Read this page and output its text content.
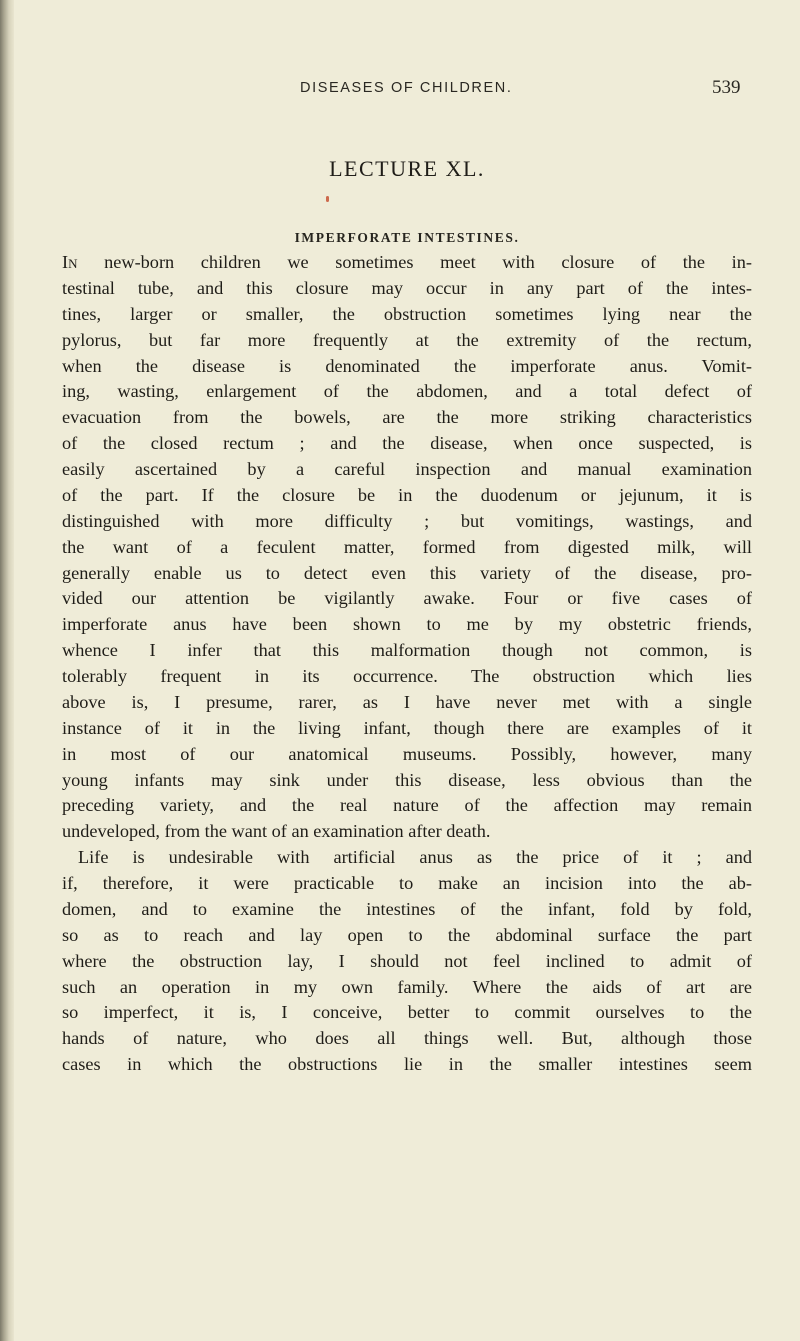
DISEASES OF CHILDREN.	539
LECTURE XL.
IMPERFORATE INTESTINES.
In new-born children we sometimes meet with closure of the in-
testinal tube, and this closure may occur in any part of the intes-
tines, larger or smaller, the obstruction sometimes lying near the
pylorus, but far more frequently at the extremity of the rectum,
when the disease is denominated the imperforate anus. Vomit-
ing, wasting, enlargement of the abdomen, and a total defect of
evacuation from the bowels, are the more striking characteristics
of the closed rectum ; and the disease, when once suspected, is
easily ascertained by a careful inspection and manual examination
of the part. If the closure be in the duodenum or jejunum, it is
distinguished with more difficulty ; but vomitings, wastings, and
the want of a feculent matter, formed from digested milk, will
generally enable us to detect even this variety of the disease, pro-
vided our attention be vigilantly awake. Four or five cases of
imperforate anus have been shown to me by my obstetric friends,
whence I infer that this malformation though not common, is
tolerably frequent in its occurrence. The obstruction which lies
above is, I presume, rarer, as I have never met with a single
instance of it in the living infant, though there are examples of it
in most of our anatomical museums. Possibly, however, many
young infants may sink under this disease, less obvious than the
preceding variety, and the real nature of the affection may remain
undeveloped, from the want of an examination after death.
Life is undesirable with artificial anus as the price of it ; and
if, therefore, it were practicable to make an incision into the ab-
domen, and to examine the intestines of the infant, fold by fold,
so as to reach and lay open to the abdominal surface the part
where the obstruction lay, I should not feel inclined to admit of
such an operation in my own family. Where the aids of art are
so imperfect, it is, I conceive, better to commit ourselves to the
hands of nature, who does all things well. But, although those
cases in which the obstructions lie in the smaller intestines seem
